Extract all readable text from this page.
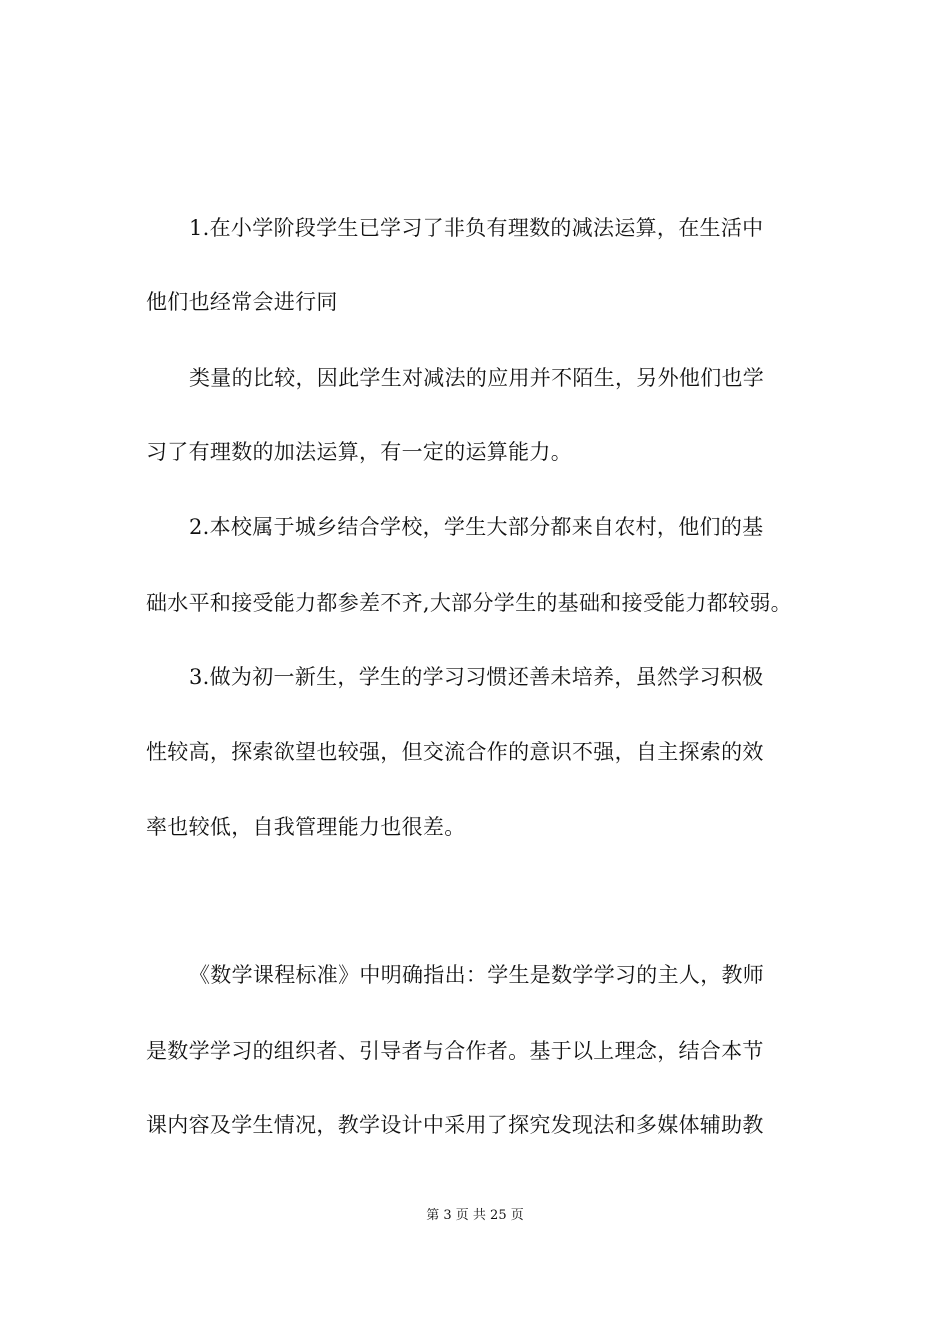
1.在小学阶段学生已学习了非负有理数的减法运算，在生活中
他们也经常会进行同
类量的比较，因此学生对减法的应用并不陌生，另外他们也学
习了有理数的加法运算，有一定的运算能力。
2.本校属于城乡结合学校，学生大部分都来自农村，他们的基
础水平和接受能力都参差不齐,大部分学生的基础和接受能力都较弱。
3.做为初一新生，学生的学习习惯还善未培养，虽然学习积极
性较高，探索欲望也较强，但交流合作的意识不强，自主探索的效
率也较低，自我管理能力也很差。
《数学课程标准》中明确指出：学生是数学学习的主人，教师
是数学学习的组织者、引导者与合作者。基于以上理念，结合本节
课内容及学生情况，教学设计中采用了探究发现法和多媒体辅助教
第 3 页 共 25 页
